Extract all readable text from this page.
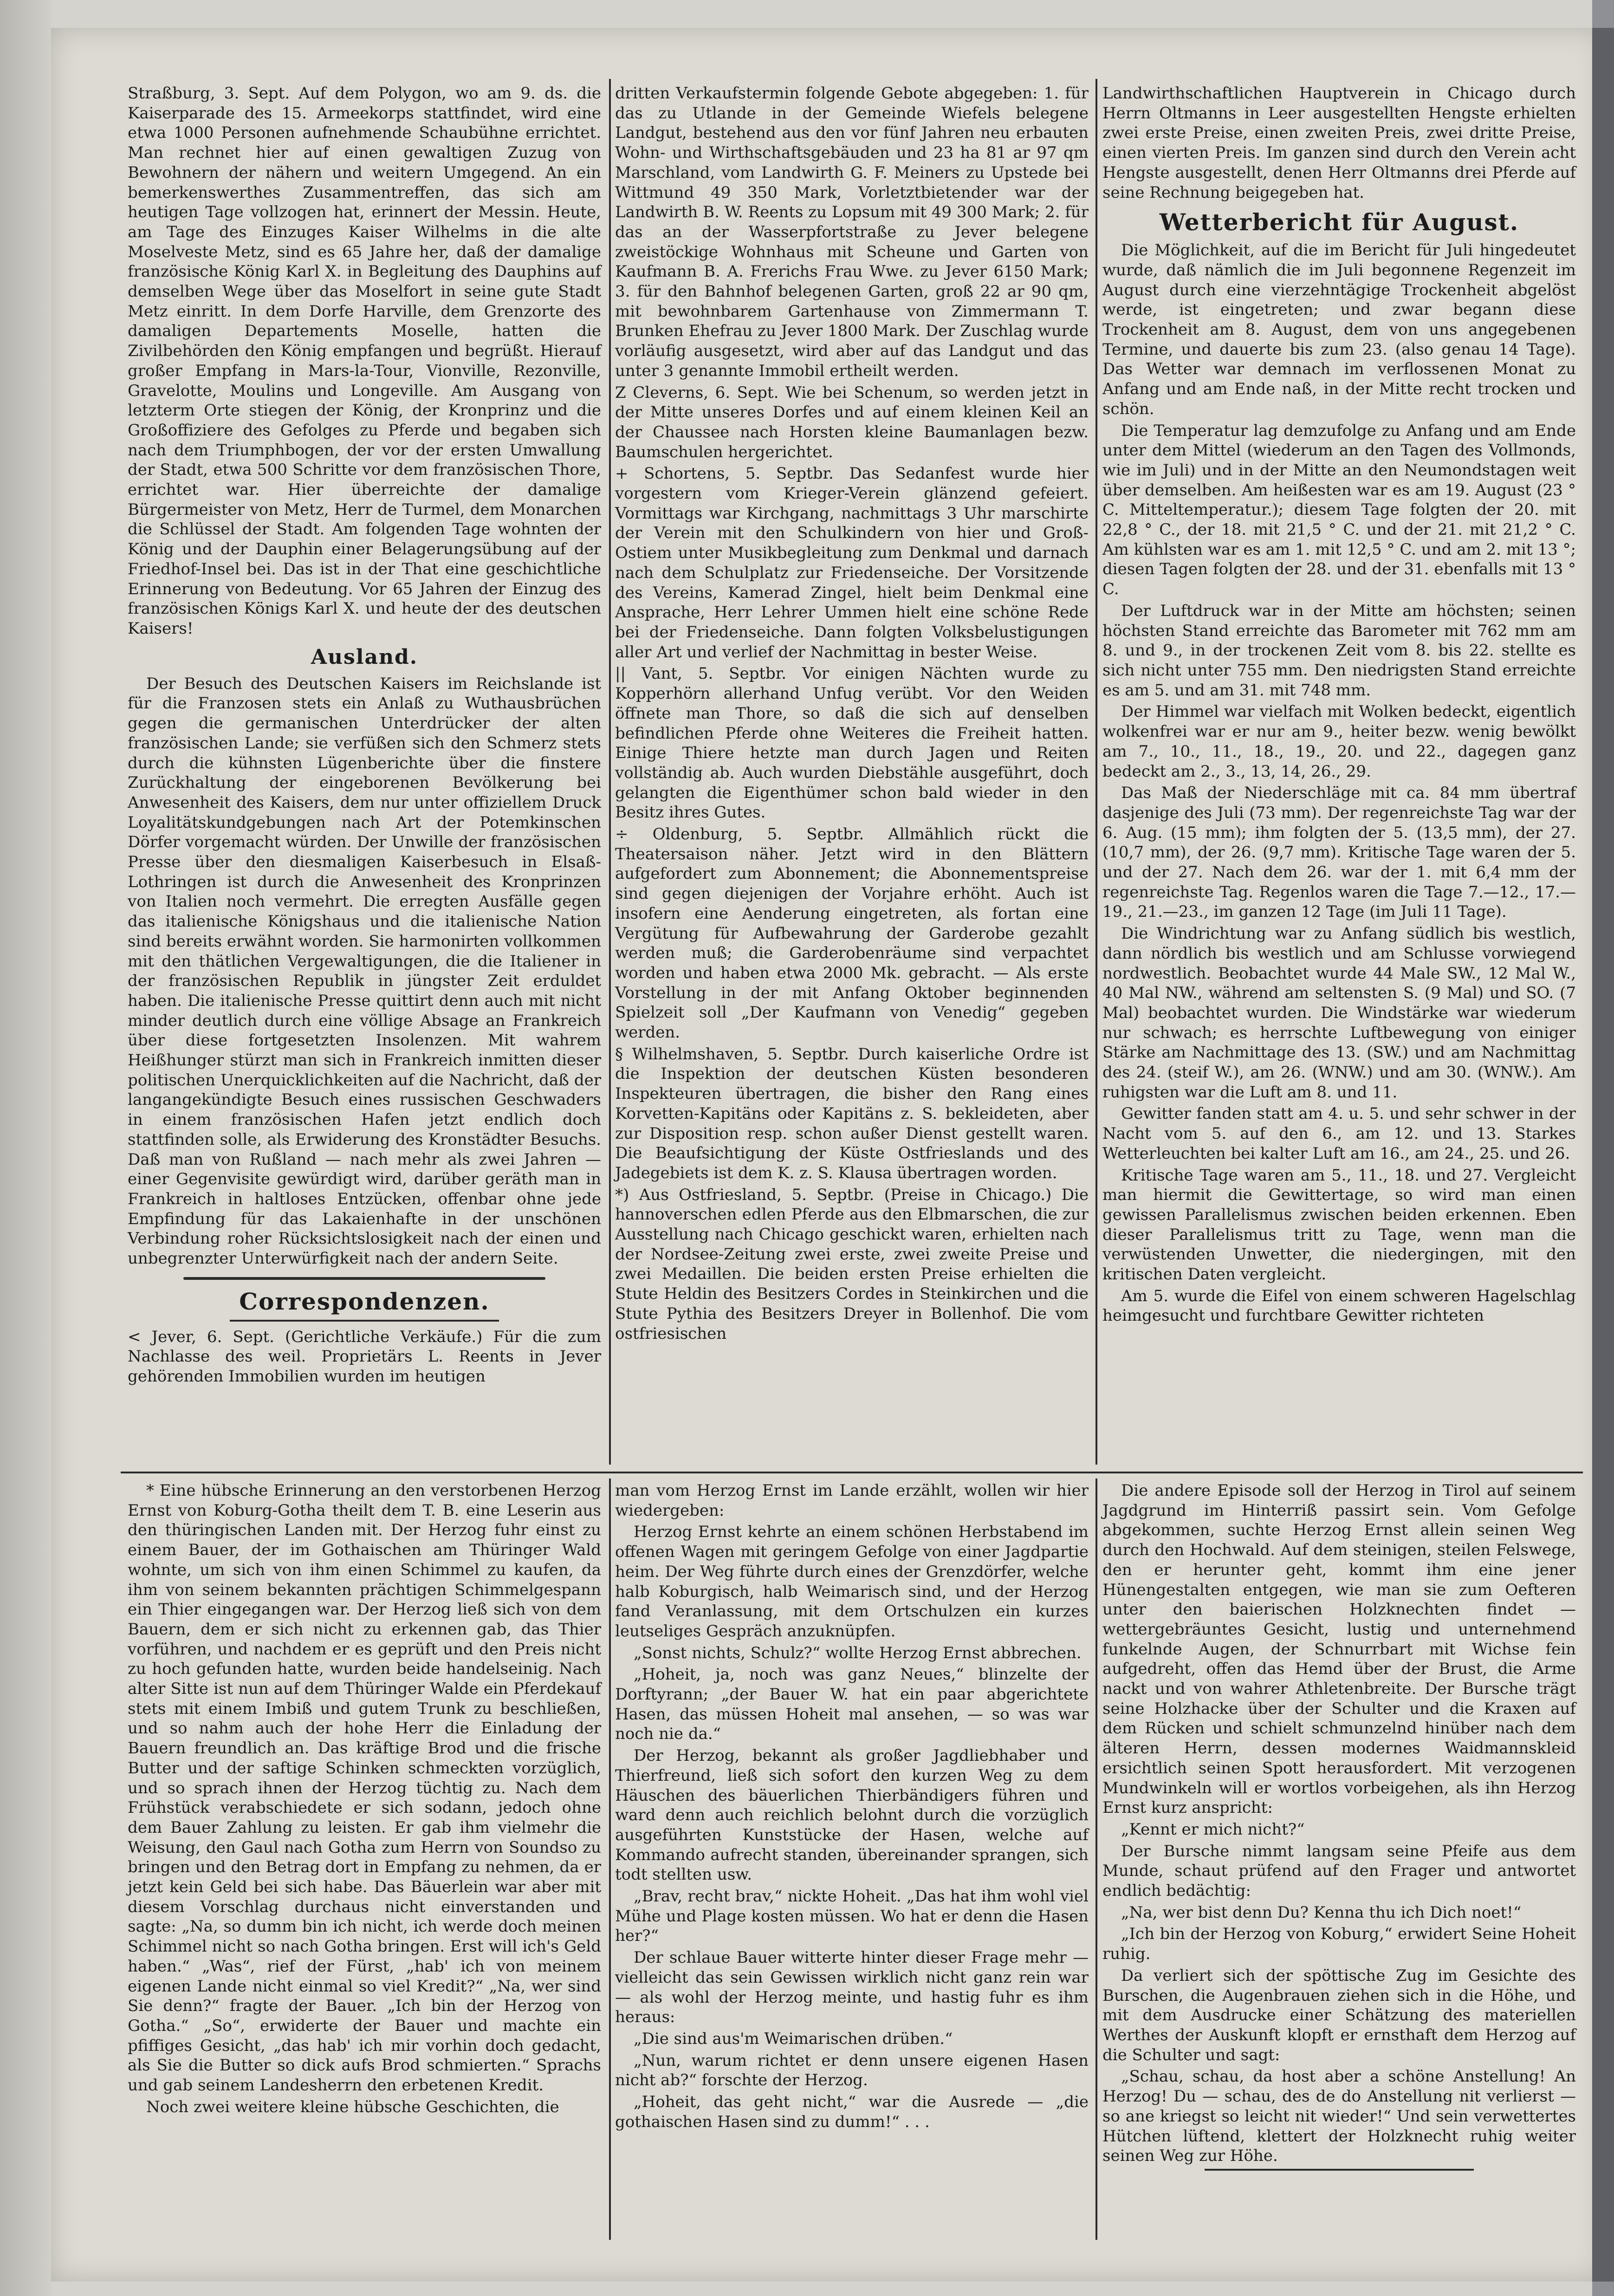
Straßburg, 3. Sept. Auf dem Polygon, wo am 9. ds. die Kaiserparade des 15. Armeekorps stattfindet, wird eine etwa 1000 Personen aufnehmende Schaubühne errichtet. Man rechnet hier auf einen gewaltigen Zuzug von Bewohnern der nähern und weitern Umgegend. An ein bemerkenswerthes Zusammentreffen, das sich am heutigen Tage vollzogen hat, erinnert der Messin. Heute, am Tage des Einzuges Kaiser Wilhelms in die alte Moselveste Metz, sind es 65 Jahre her, daß der damalige französische König Karl X. in Begleitung des Dauphins auf demselben Wege über das Moselfort in seine gute Stadt Metz einritt. In dem Dorfe Harville, dem Grenzorte des damaligen Departements Moselle, hatten die Zivilbehörden den König empfangen und begrüßt. Hierauf großer Empfang in Mars-la-Tour, Vionville, Rezonville, Gravelotte, Moulins und Longeville. Am Ausgang von letzterm Orte stiegen der König, der Kronprinz und die Großoffiziere des Gefolges zu Pferde und begaben sich nach dem Triumphbogen, der vor der ersten Umwallung der Stadt, etwa 500 Schritte vor dem französischen Thore, errichtet war. Hier überreichte der damalige Bürgermeister von Metz, Herr de Turmel, dem Monarchen die Schlüssel der Stadt. Am folgenden Tage wohnten der König und der Dauphin einer Belagerungsübung auf der Friedhof-Insel bei. Das ist in der That eine geschichtliche Erinnerung von Bedeutung. Vor 65 Jahren der Einzug des französischen Königs Karl X. und heute der des deutschen Kaisers!

Ausland.

Der Besuch des Deutschen Kaisers im Reichslande ist für die Franzosen stets ein Anlaß zu Wuthausbrüchen gegen die germanischen Unterdrücker der alten französischen Lande; sie verfüßen sich den Schmerz stets durch die kühnsten Lügenberichte über die finstere Zurückhaltung der eingeborenen Bevölkerung bei Anwesenheit des Kaisers, dem nur unter offiziellem Druck Loyalitätskundgebungen nach Art der Potemkinschen Dörfer vorgemacht würden. Der Unwille der französischen Presse über den diesmaligen Kaiserbesuch in Elsaß-Lothringen ist durch die Anwesenheit des Kronprinzen von Italien noch vermehrt. Die erregten Ausfälle gegen das italienische Königshaus und die italienische Nation sind bereits erwähnt worden. Sie harmonirten vollkommen mit den thätlichen Vergewaltigungen, die die Italiener in der französischen Republik in jüngster Zeit erduldet haben. Die italienische Presse quittirt denn auch mit nicht minder deutlich durch eine völlige Absage an Frankreich über diese fortgesetzten Insolenzen. Mit wahrem Heißhunger stürzt man sich in Frankreich inmitten dieser politischen Unerquicklichkeiten auf die Nachricht, daß der langangekündigte Besuch eines russischen Geschwaders in einem französischen Hafen jetzt endlich doch stattfinden solle, als Erwiderung des Kronstädter Besuchs. Daß man von Rußland — nach mehr als zwei Jahren — einer Gegenvisite gewürdigt wird, darüber geräth man in Frankreich in haltloses Entzücken, offenbar ohne jede Empfindung für das Lakaienhafte in der unschönen Verbindung roher Rücksichtslosigkeit nach der einen und unbegrenzter Unterwürfigkeit nach der andern Seite.

Correspondenzen.

< Jever, 6. Sept. (Gerichtliche Verkäufe.) Für die zum Nachlasse des weil. Proprietärs L. Reents in Jever gehörenden Immobilien wurden im heutigen

dritten Verkaufstermin folgende Gebote abgegeben: 1. für das zu Utlande in der Gemeinde Wiefels belegene Landgut, bestehend aus den vor fünf Jahren neu erbauten Wohn- und Wirthschaftsgebäuden und 23 ha 81 ar 97 qm Marschland, vom Landwirth G. F. Meiners zu Upstede bei Wittmund 49 350 Mark, Vorletztbietender war der Landwirth B. W. Reents zu Lopsum mit 49 300 Mark; 2. für das an der Wasserpfortstraße zu Jever belegene zweistöckige Wohnhaus mit Scheune und Garten von Kaufmann B. A. Frerichs Frau Wwe. zu Jever 6150 Mark; 3. für den Bahnhof belegenen Garten, groß 22 ar 90 qm, mit bewohnbarem Gartenhause von Zimmermann T. Brunken Ehefrau zu Jever 1800 Mark. Der Zuschlag wurde vorläufig ausgesetzt, wird aber auf das Landgut und das unter 3 genannte Immobil ertheilt werden.

Z Cleverns, 6. Sept. Wie bei Schenum, so werden jetzt in der Mitte unseres Dorfes und auf einem kleinen Keil an der Chaussee nach Horsten kleine Baumanlagen bezw. Baumschulen hergerichtet.

+ Schortens, 5. Septbr. Das Sedanfest wurde hier vorgestern vom Krieger-Verein glänzend gefeiert. Vormittags war Kirchgang, nachmittags 3 Uhr marschirte der Verein mit den Schulkindern von hier und Groß-Ostiem unter Musikbegleitung zum Denkmal und darnach nach dem Schulplatz zur Friedenseiche. Der Vorsitzende des Vereins, Kamerad Zingel, hielt beim Denkmal eine Ansprache, Herr Lehrer Ummen hielt eine schöne Rede bei der Friedenseiche. Dann folgten Volksbelustigungen aller Art und verlief der Nachmittag in bester Weise.

|| Vant, 5. Septbr. Vor einigen Nächten wurde zu Kopperhörn allerhand Unfug verübt. Vor den Weiden öffnete man Thore, so daß die sich auf denselben befindlichen Pferde ohne Weiteres die Freiheit hatten. Einige Thiere hetzte man durch Jagen und Reiten vollständig ab. Auch wurden Diebstähle ausgeführt, doch gelangten die Eigenthümer schon bald wieder in den Besitz ihres Gutes.

÷ Oldenburg, 5. Septbr. Allmählich rückt die Theatersaison näher. Jetzt wird in den Blättern aufgefordert zum Abonnement; die Abonnementspreise sind gegen diejenigen der Vorjahre erhöht. Auch ist insofern eine Aenderung eingetreten, als fortan eine Vergütung für Aufbewahrung der Garderobe gezahlt werden muß; die Garderobenräume sind verpachtet worden und haben etwa 2000 Mk. gebracht. — Als erste Vorstellung in der mit Anfang Oktober beginnenden Spielzeit soll „Der Kaufmann von Venedig“ gegeben werden.

§ Wilhelmshaven, 5. Septbr. Durch kaiserliche Ordre ist die Inspektion der deutschen Küsten besonderen Inspekteuren übertragen, die bisher den Rang eines Korvetten-Kapitäns oder Kapitäns z. S. bekleideten, aber zur Disposition resp. schon außer Dienst gestellt waren. Die Beaufsichtigung der Küste Ostfrieslands und des Jadegebiets ist dem K. z. S. Klausa übertragen worden.

*) Aus Ostfriesland, 5. Septbr. (Preise in Chicago.) Die hannoverschen edlen Pferde aus den Elbmarschen, die zur Ausstellung nach Chicago geschickt waren, erhielten nach der Nordsee-Zeitung zwei erste, zwei zweite Preise und zwei Medaillen. Die beiden ersten Preise erhielten die Stute Heldin des Besitzers Cordes in Steinkirchen und die Stute Pythia des Besitzers Dreyer in Bollenhof. Die vom ostfriesischen

Landwirthschaftlichen Hauptverein in Chicago durch Herrn Oltmanns in Leer ausgestellten Hengste erhielten zwei erste Preise, einen zweiten Preis, zwei dritte Preise, einen vierten Preis. Im ganzen sind durch den Verein acht Hengste ausgestellt, denen Herr Oltmanns drei Pferde auf seine Rechnung beigegeben hat.

Wetterbericht für August.

Die Möglichkeit, auf die im Bericht für Juli hingedeutet wurde, daß nämlich die im Juli begonnene Regenzeit im August durch eine vierzehntägige Trockenheit abgelöst werde, ist eingetreten; und zwar begann diese Trockenheit am 8. August, dem von uns angegebenen Termine, und dauerte bis zum 23. (also genau 14 Tage). Das Wetter war demnach im verflossenen Monat zu Anfang und am Ende naß, in der Mitte recht trocken und schön.

Die Temperatur lag demzufolge zu Anfang und am Ende unter dem Mittel (wiederum an den Tagen des Vollmonds, wie im Juli) und in der Mitte an den Neumondstagen weit über demselben. Am heißesten war es am 19. August (23 ° C. Mitteltemperatur.); diesem Tage folgten der 20. mit 22,8 ° C., der 18. mit 21,5 ° C. und der 21. mit 21,2 ° C. Am kühlsten war es am 1. mit 12,5 ° C. und am 2. mit 13 °; diesen Tagen folgten der 28. und der 31. ebenfalls mit 13 ° C.

Der Luftdruck war in der Mitte am höchsten; seinen höchsten Stand erreichte das Barometer mit 762 mm am 8. und 9., in der trockenen Zeit vom 8. bis 22. stellte es sich nicht unter 755 mm. Den niedrigsten Stand erreichte es am 5. und am 31. mit 748 mm.

Der Himmel war vielfach mit Wolken bedeckt, eigentlich wolkenfrei war er nur am 9., heiter bezw. wenig bewölkt am 7., 10., 11., 18., 19., 20. und 22., dagegen ganz bedeckt am 2., 3., 13, 14, 26., 29.

Das Maß der Niederschläge mit ca. 84 mm übertraf dasjenige des Juli (73 mm). Der regenreichste Tag war der 6. Aug. (15 mm); ihm folgten der 5. (13,5 mm), der 27. (10,7 mm), der 26. (9,7 mm). Kritische Tage waren der 5. und der 27. Nach dem 26. war der 1. mit 6,4 mm der regenreichste Tag. Regenlos waren die Tage 7.—12., 17.—19., 21.—23., im ganzen 12 Tage (im Juli 11 Tage).

Die Windrichtung war zu Anfang südlich bis westlich, dann nördlich bis westlich und am Schlusse vorwiegend nordwestlich. Beobachtet wurde 44 Male SW., 12 Mal W., 40 Mal NW., während am seltensten S. (9 Mal) und SO. (7 Mal) beobachtet wurden. Die Windstärke war wiederum nur schwach; es herrschte Luftbewegung von einiger Stärke am Nachmittage des 13. (SW.) und am Nachmittag des 24. (steif W.), am 26. (WNW.) und am 30. (WNW.). Am ruhigsten war die Luft am 8. und 11.

Gewitter fanden statt am 4. u. 5. und sehr schwer in der Nacht vom 5. auf den 6., am 12. und 13. Starkes Wetterleuchten bei kalter Luft am 16., am 24., 25. und 26.

Kritische Tage waren am 5., 11., 18. und 27. Vergleicht man hiermit die Gewittertage, so wird man einen gewissen Parallelismus zwischen beiden erkennen. Eben dieser Parallelismus tritt zu Tage, wenn man die verwüstenden Unwetter, die niedergingen, mit den kritischen Daten vergleicht.

Am 5. wurde die Eifel von einem schweren Hagelschlag heimgesucht und furchtbare Gewitter richteten

* Eine hübsche Erinnerung an den verstorbenen Herzog Ernst von Koburg-Gotha theilt dem T. B. eine Leserin aus den thüringischen Landen mit. Der Herzog fuhr einst zu einem Bauer, der im Gothaischen am Thüringer Wald wohnte, um sich von ihm einen Schimmel zu kaufen, da ihm von seinem bekannten prächtigen Schimmelgespann ein Thier eingegangen war. Der Herzog ließ sich von dem Bauern, dem er sich nicht zu erkennen gab, das Thier vorführen, und nachdem er es geprüft und den Preis nicht zu hoch gefunden hatte, wurden beide handelseinig. Nach alter Sitte ist nun auf dem Thüringer Walde ein Pferdekauf stets mit einem Imbiß und gutem Trunk zu beschließen, und so nahm auch der hohe Herr die Einladung der Bauern freundlich an. Das kräftige Brod und die frische Butter und der saftige Schinken schmeckten vorzüglich, und so sprach ihnen der Herzog tüchtig zu. Nach dem Frühstück verabschiedete er sich sodann, jedoch ohne dem Bauer Zahlung zu leisten. Er gab ihm vielmehr die Weisung, den Gaul nach Gotha zum Herrn von Soundso zu bringen und den Betrag dort in Empfang zu nehmen, da er jetzt kein Geld bei sich habe. Das Bäuerlein war aber mit diesem Vorschlag durchaus nicht einverstanden und sagte: „Na, so dumm bin ich nicht, ich werde doch meinen Schimmel nicht so nach Gotha bringen. Erst will ich's Geld haben.“ „Was“, rief der Fürst, „hab' ich von meinem eigenen Lande nicht einmal so viel Kredit?“ „Na, wer sind Sie denn?“ fragte der Bauer. „Ich bin der Herzog von Gotha.“ „So“, erwiderte der Bauer und machte ein pfiffiges Gesicht, „das hab' ich mir vorhin doch gedacht, als Sie die Butter so dick aufs Brod schmierten.“ Sprachs und gab seinem Landesherrn den erbetenen Kredit.

Noch zwei weitere kleine hübsche Geschichten, die

man vom Herzog Ernst im Lande erzählt, wollen wir hier wiedergeben:

Herzog Ernst kehrte an einem schönen Herbstabend im offenen Wagen mit geringem Gefolge von einer Jagdpartie heim. Der Weg führte durch eines der Grenzdörfer, welche halb Koburgisch, halb Weimarisch sind, und der Herzog fand Veranlassung, mit dem Ortschulzen ein kurzes leutseliges Gespräch anzuknüpfen.

„Sonst nichts, Schulz?“ wollte Herzog Ernst abbrechen.

„Hoheit, ja, noch was ganz Neues,“ blinzelte der Dorftyrann; „der Bauer W. hat ein paar abgerichtete Hasen, das müssen Hoheit mal ansehen, — so was war noch nie da.“

Der Herzog, bekannt als großer Jagdliebhaber und Thierfreund, ließ sich sofort den kurzen Weg zu dem Häuschen des bäuerlichen Thierbändigers führen und ward denn auch reichlich belohnt durch die vorzüglich ausgeführten Kunststücke der Hasen, welche auf Kommando aufrecht standen, übereinander sprangen, sich todt stellten usw.

„Brav, recht brav,“ nickte Hoheit. „Das hat ihm wohl viel Mühe und Plage kosten müssen. Wo hat er denn die Hasen her?“

Der schlaue Bauer witterte hinter dieser Frage mehr — vielleicht das sein Gewissen wirklich nicht ganz rein war — als wohl der Herzog meinte, und hastig fuhr es ihm heraus:

„Die sind aus'm Weimarischen drüben.“

„Nun, warum richtet er denn unsere eigenen Hasen nicht ab?“ forschte der Herzog.

„Hoheit, das geht nicht,“ war die Ausrede — „die gothaischen Hasen sind zu dumm!“ . . .

Die andere Episode soll der Herzog in Tirol auf seinem Jagdgrund im Hinterriß passirt sein. Vom Gefolge abgekommen, suchte Herzog Ernst allein seinen Weg durch den Hochwald. Auf dem steinigen, steilen Felswege, den er herunter geht, kommt ihm eine jener Hünengestalten entgegen, wie man sie zum Oefteren unter den baierischen Holzknechten findet — wettergebräuntes Gesicht, lustig und unternehmend funkelnde Augen, der Schnurrbart mit Wichse fein aufgedreht, offen das Hemd über der Brust, die Arme nackt und von wahrer Athletenbreite. Der Bursche trägt seine Holzhacke über der Schulter und die Kraxen auf dem Rücken und schielt schmunzelnd hinüber nach dem älteren Herrn, dessen modernes Waidmannskleid ersichtlich seinen Spott herausfordert. Mit verzogenen Mundwinkeln will er wortlos vorbeigehen, als ihn Herzog Ernst kurz anspricht:

„Kennt er mich nicht?“

Der Bursche nimmt langsam seine Pfeife aus dem Munde, schaut prüfend auf den Frager und antwortet endlich bedächtig:

„Na, wer bist denn Du? Kenna thu ich Dich noet!“

„Ich bin der Herzog von Koburg,“ erwidert Seine Hoheit ruhig.

Da verliert sich der spöttische Zug im Gesichte des Burschen, die Augenbrauen ziehen sich in die Höhe, und mit dem Ausdrucke einer Schätzung des materiellen Werthes der Auskunft klopft er ernsthaft dem Herzog auf die Schulter und sagt:

„Schau, schau, da host aber a schöne Anstellung! An Herzog! Du — schau, des de do Anstellung nit verlierst — so ane kriegst so leicht nit wieder!“ Und sein verwettertes Hütchen lüftend, klettert der Holzknecht ruhig weiter seinen Weg zur Höhe.
